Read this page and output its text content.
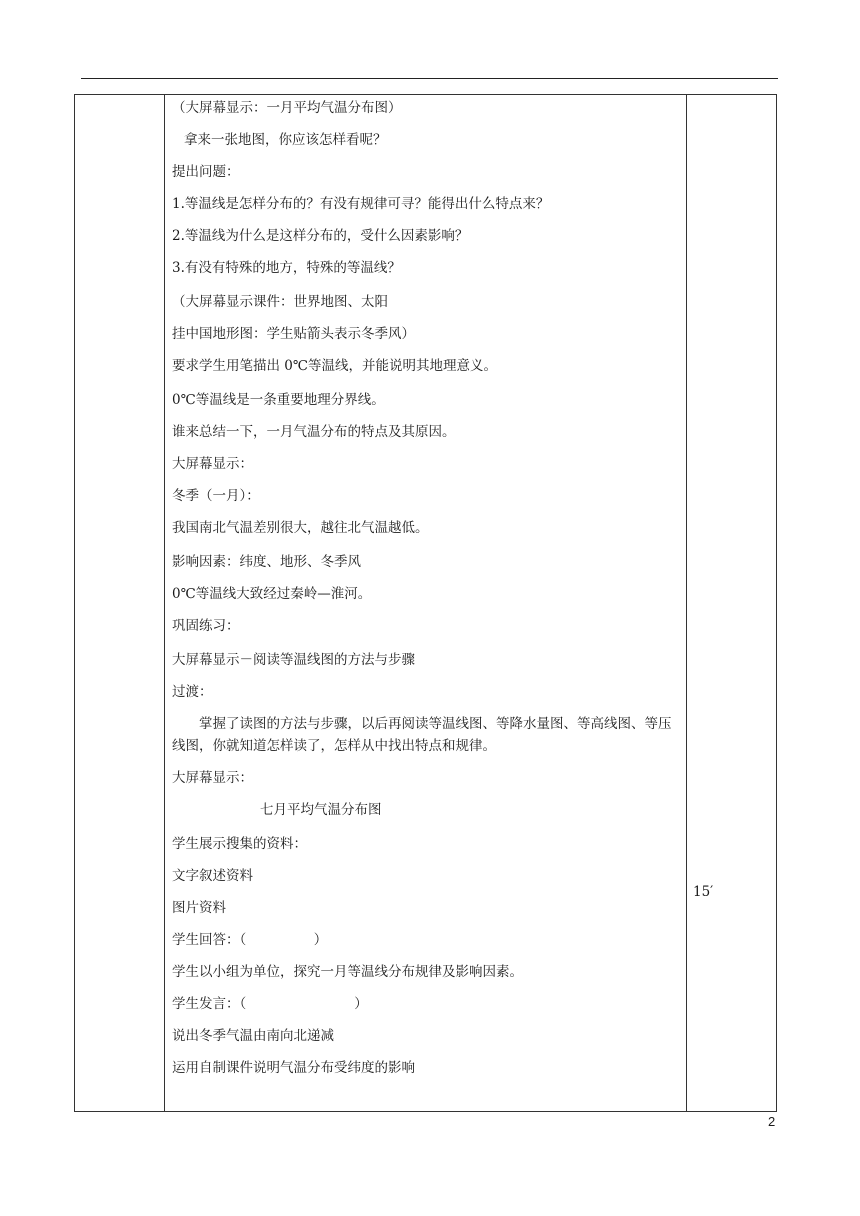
（大屏幕显示：一月平均气温分布图）
拿来一张地图，你应该怎样看呢？
提出问题：
1.等温线是怎样分布的？有没有规律可寻？能得出什么特点来？
2.等温线为什么是这样分布的，受什么因素影响？
3.有没有特殊的地方，特殊的等温线？
（大屏幕显示课件：世界地图、太阳
挂中国地形图：学生贴箭头表示冬季风）
要求学生用笔描出 0℃等温线，并能说明其地理意义。
0℃等温线是一条重要地理分界线。
谁来总结一下，一月气温分布的特点及其原因。
大屏幕显示：
冬季（一月）：
我国南北气温差别很大，越往北气温越低。
影响因素：纬度、地形、冬季风
0℃等温线大致经过秦岭—淮河。
巩固练习：
大屏幕显示－阅读等温线图的方法与步骤
过渡：
掌握了读图的方法与步骤，以后再阅读等温线图、等降水量图、等高线图、等压线图，你就知道怎样读了，怎样从中找出特点和规律。
大屏幕显示：
七月平均气温分布图
学生展示搜集的资料：
文字叙述资料
图片资料
学生回答：（　　　　　）
学生以小组为单位，探究一月等温线分布规律及影响因素。
学生发言：（　　　　　　　　）
说出冬季气温由南向北递减
运用自制课件说明气温分布受纬度的影响
15′
2
